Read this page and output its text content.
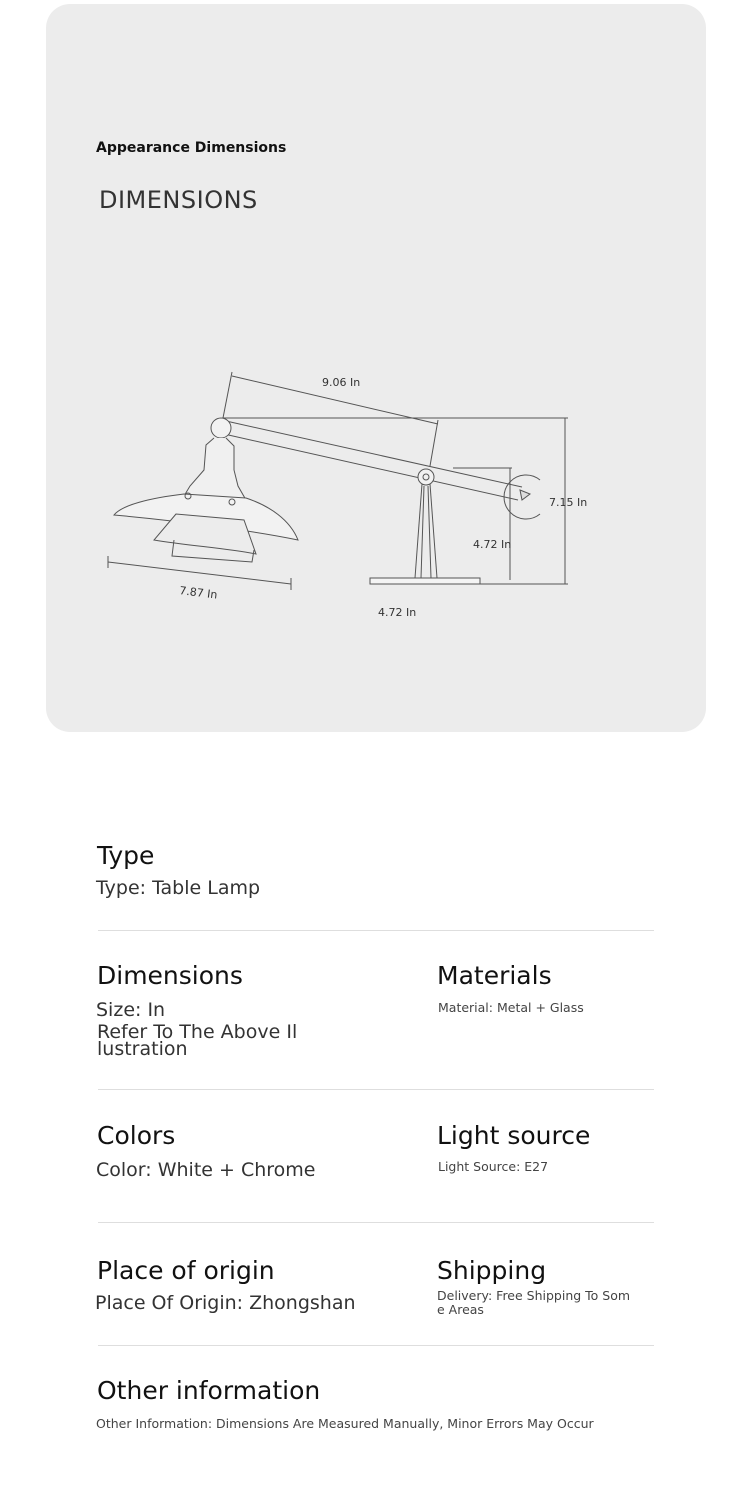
Appearance Dimensions
DIMENSIONS
9.06 In
7.15 In
4.72 In
4.72 In
7.87 In
Type
Type: Table Lamp
Dimensions
Size: In
Refer To The Above Il
lustration
Materials
Material: Metal + Glass
Colors
Color: White + Chrome
Light source
Light Source: E27
Place of origin
Place Of Origin: Zhongshan
Shipping
Delivery: Free Shipping To Som
e Areas
Other information
Other Information: Dimensions Are Measured Manually, Minor Errors May Occur
